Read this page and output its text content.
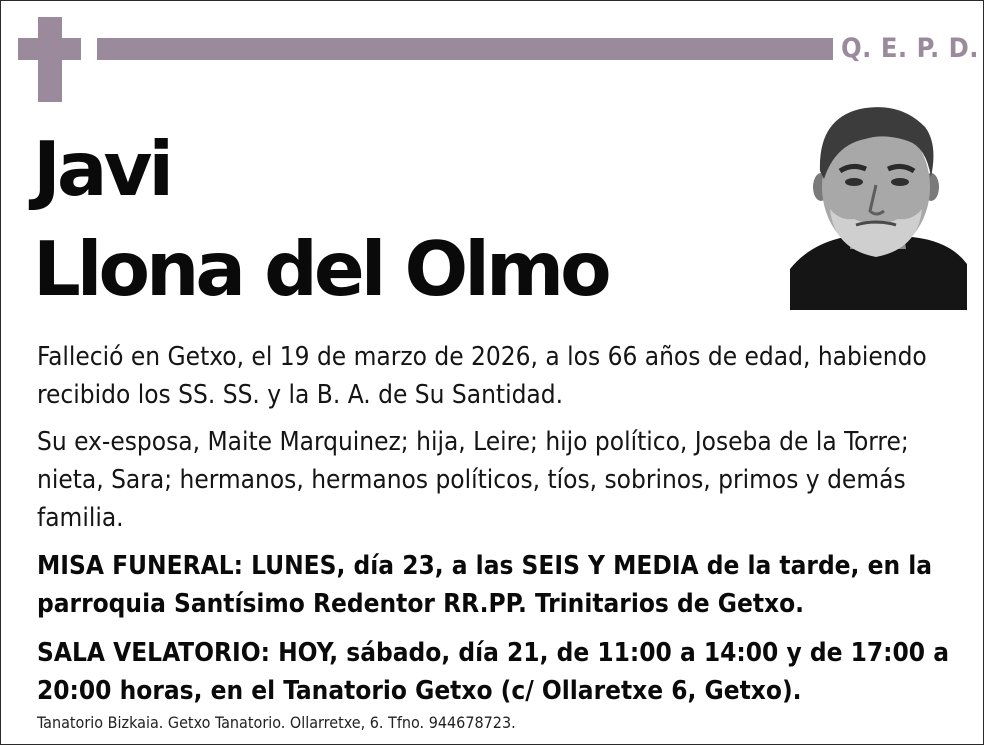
Q. E. P. D.
Javi
Llona del Olmo
Falleció en Getxo, el 19 de marzo de 2026, a los 66 años de edad, habiendo recibido los SS. SS. y la B. A. de Su Santidad.
Su ex-esposa, Maite Marquinez; hija, Leire; hijo político, Joseba de la Torre; nieta, Sara; hermanos, hermanos políticos, tíos, sobrinos, primos y demás familia.
MISA FUNERAL: LUNES, día 23, a las SEIS Y MEDIA de la tarde, en la parroquia Santísimo Redentor RR.PP. Trinitarios de Getxo.
SALA VELATORIO: HOY, sábado, día 21, de 11:00 a 14:00 y de 17:00 a 20:00 horas, en el Tanatorio Getxo (c/ Ollaretxe 6, Getxo).
Tanatorio Bizkaia. Getxo Tanatorio. Ollarretxe, 6. Tfno. 944678723.
